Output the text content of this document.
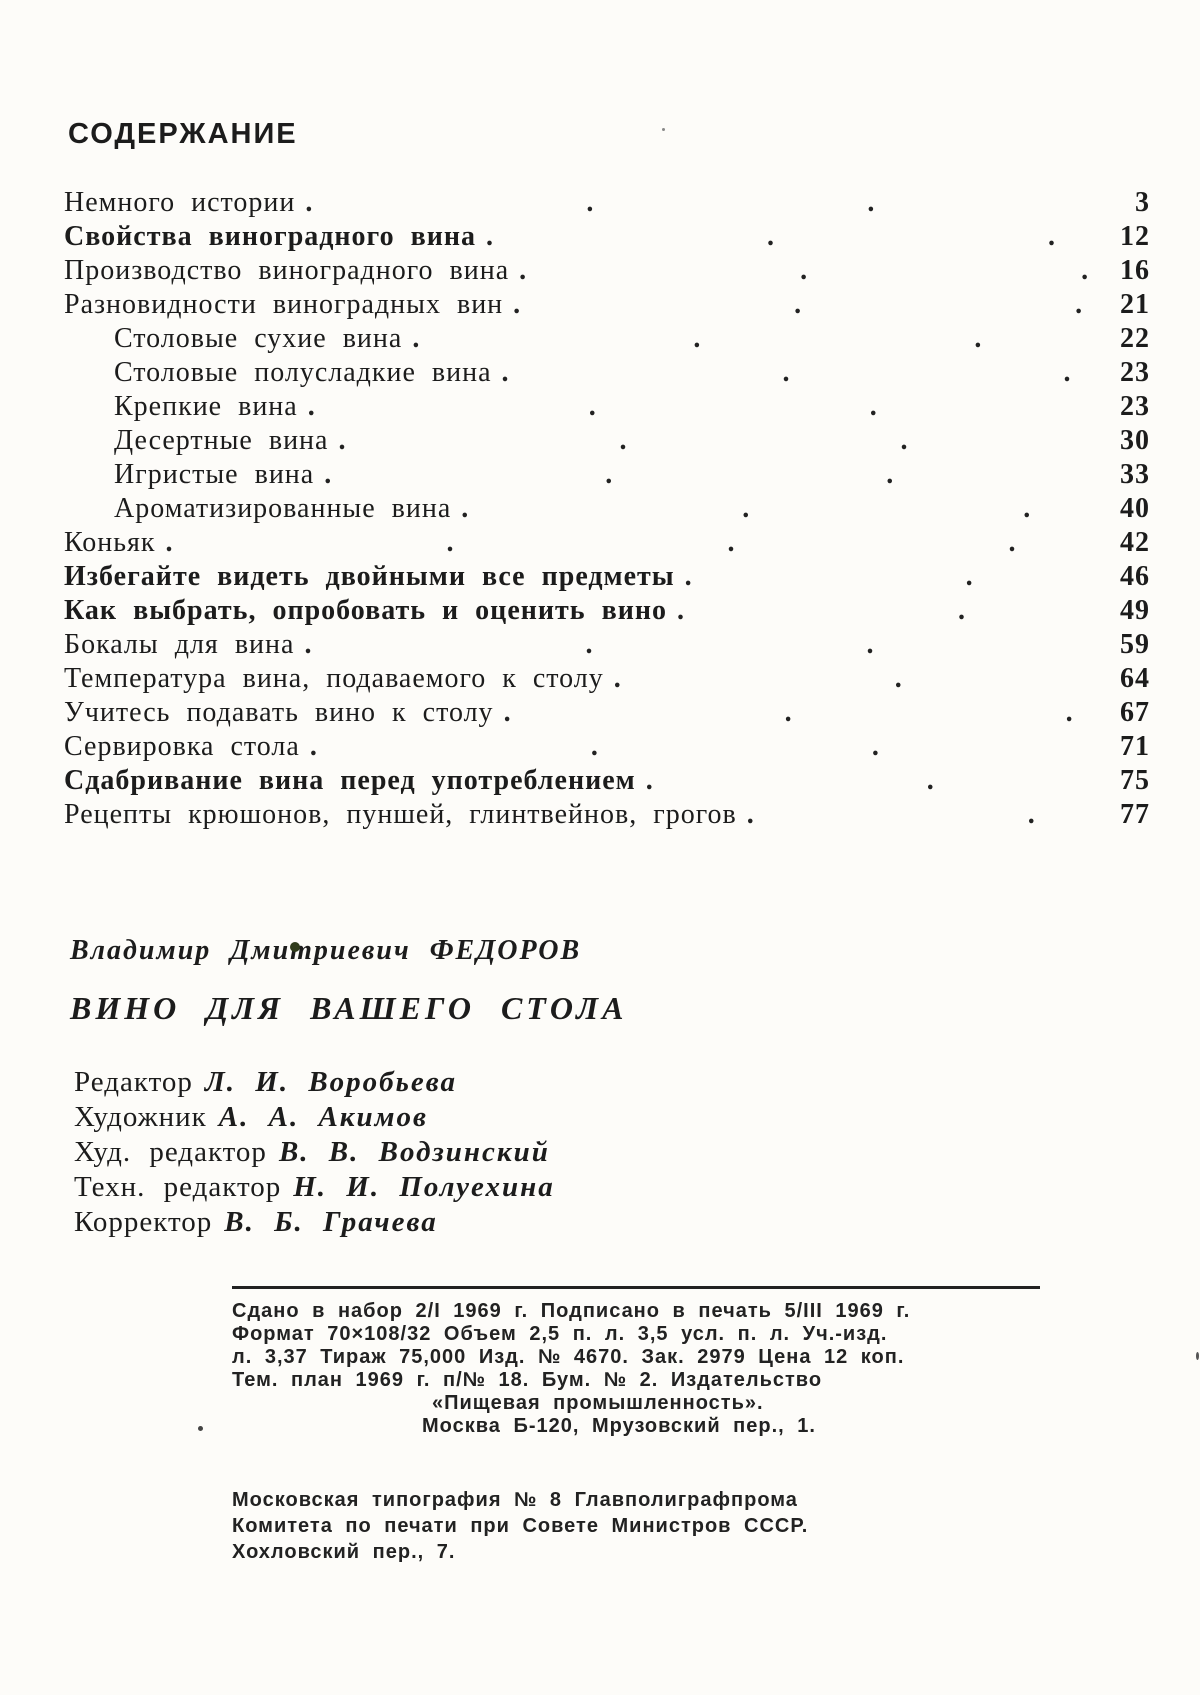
СОДЕРЖАНИЕ
Немного истории
.	3
Свойства виноградного вина
.	12
Производство виноградного вина
.	16
Разновидности виноградных вин
.	21
Столовые сухие вина
.	22
Столовые полусладкие вина
.	23
Крепкие вина
.	23
Десертные вина
.	30
Игристые вина
.	33
Ароматизированные вина
.	40
Коньяк
.	42
Избегайте видеть двойными все предметы
.	46
Как выбрать, опробовать и оценить вино
.	49
Бокалы для вина
.	59
Температура вина, подаваемого к столу
.	64
Учитесь подавать вино к столу
.	67
Сервировка стола
.	71
Сдабривание вина перед употреблением
.	75
Рецепты крюшонов, пуншей, глинтвейнов, грогов
.	77
Владимир Дмитриевич ФЕДОРОВ
ВИНО ДЛЯ ВАШЕГО СТОЛА
Редактор Л. И. Воробьева
Художник А. А. Акимов
Худ. редактор В. В. Водзинский
Техн. редактор Н. И. Полуехина
Корректор В. Б. Грачева
Сдано в набор 2/I 1969 г. Подписано в печать 5/III 1969 г.
Формат 70×108/32 Объем 2,5 п. л. 3,5 усл. п. л. Уч.-изд.
л. 3,37 Тираж 75,000 Изд. № 4670. Зак. 2979 Цена 12 коп.
Тем. план 1969 г. п/№ 18. Бум. № 2. Издательство
«Пищевая промышленность».
Москва Б-120, Мрузовский пер., 1.
Московская типография № 8 Главполиграфпрома
Комитета по печати при Совете Министров СССР.
Хохловский пер., 7.
